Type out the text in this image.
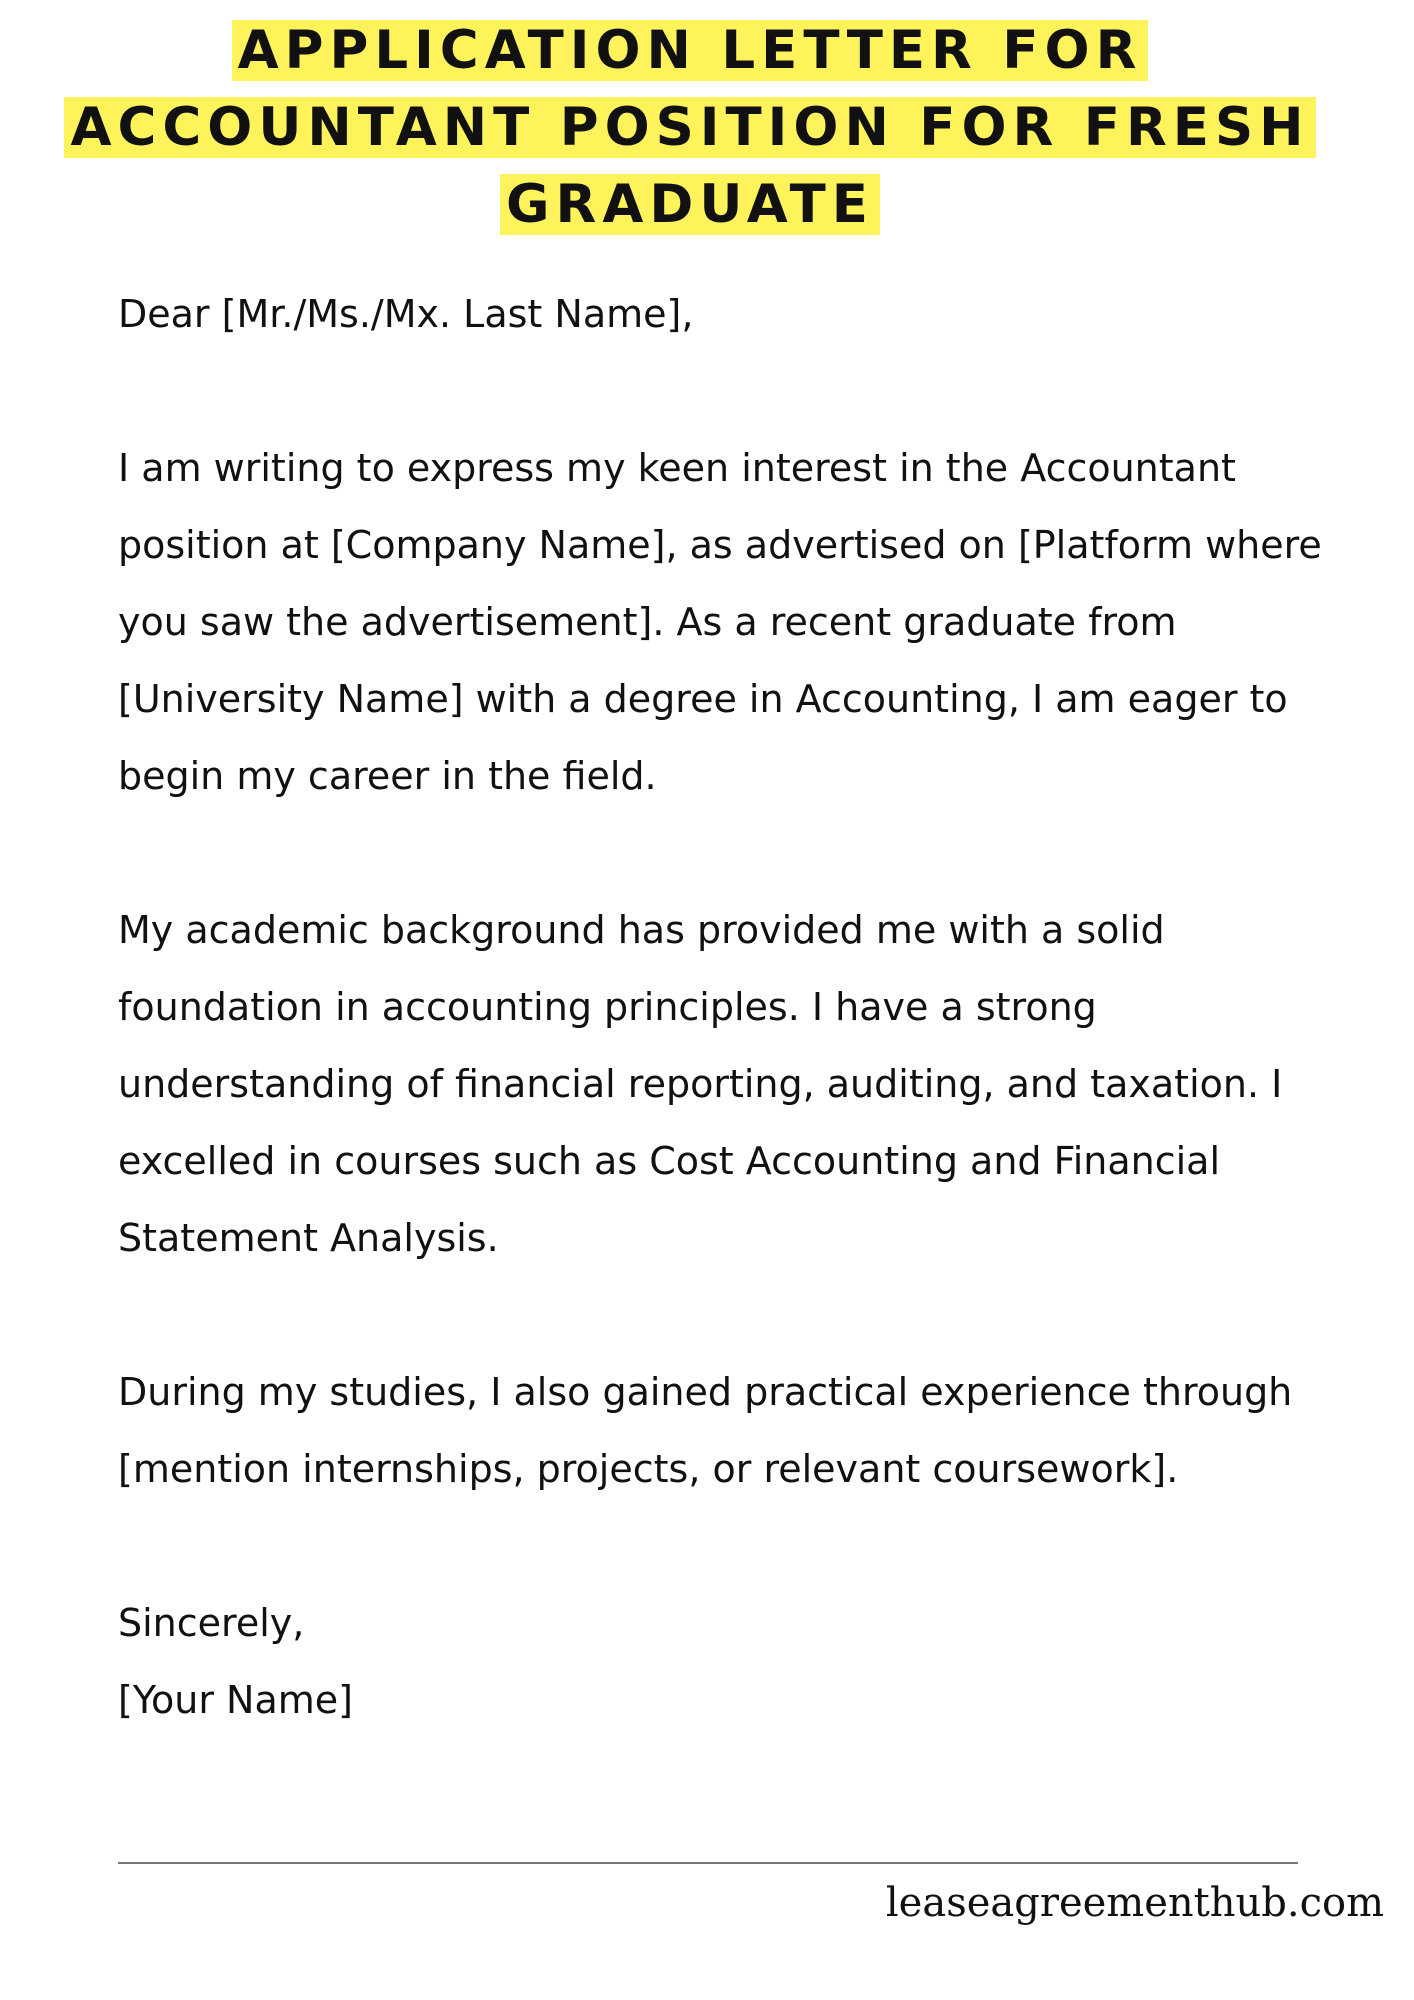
APPLICATION LETTER FOR
ACCOUNTANT POSITION FOR FRESH
GRADUATE

Dear [Mr./Ms./Mx. Last Name],

I am writing to express my keen interest in the Accountant position at [Company Name], as advertised on [Platform where you saw the advertisement]. As a recent graduate from [University Name] with a degree in Accounting, I am eager to begin my career in the field.

My academic background has provided me with a solid foundation in accounting principles. I have a strong understanding of financial reporting, auditing, and taxation. I excelled in courses such as Cost Accounting and Financial Statement Analysis.

During my studies, I also gained practical experience through [mention internships, projects, or relevant coursework].

Sincerely,

[Your Name]

leaseagreementhub.com
